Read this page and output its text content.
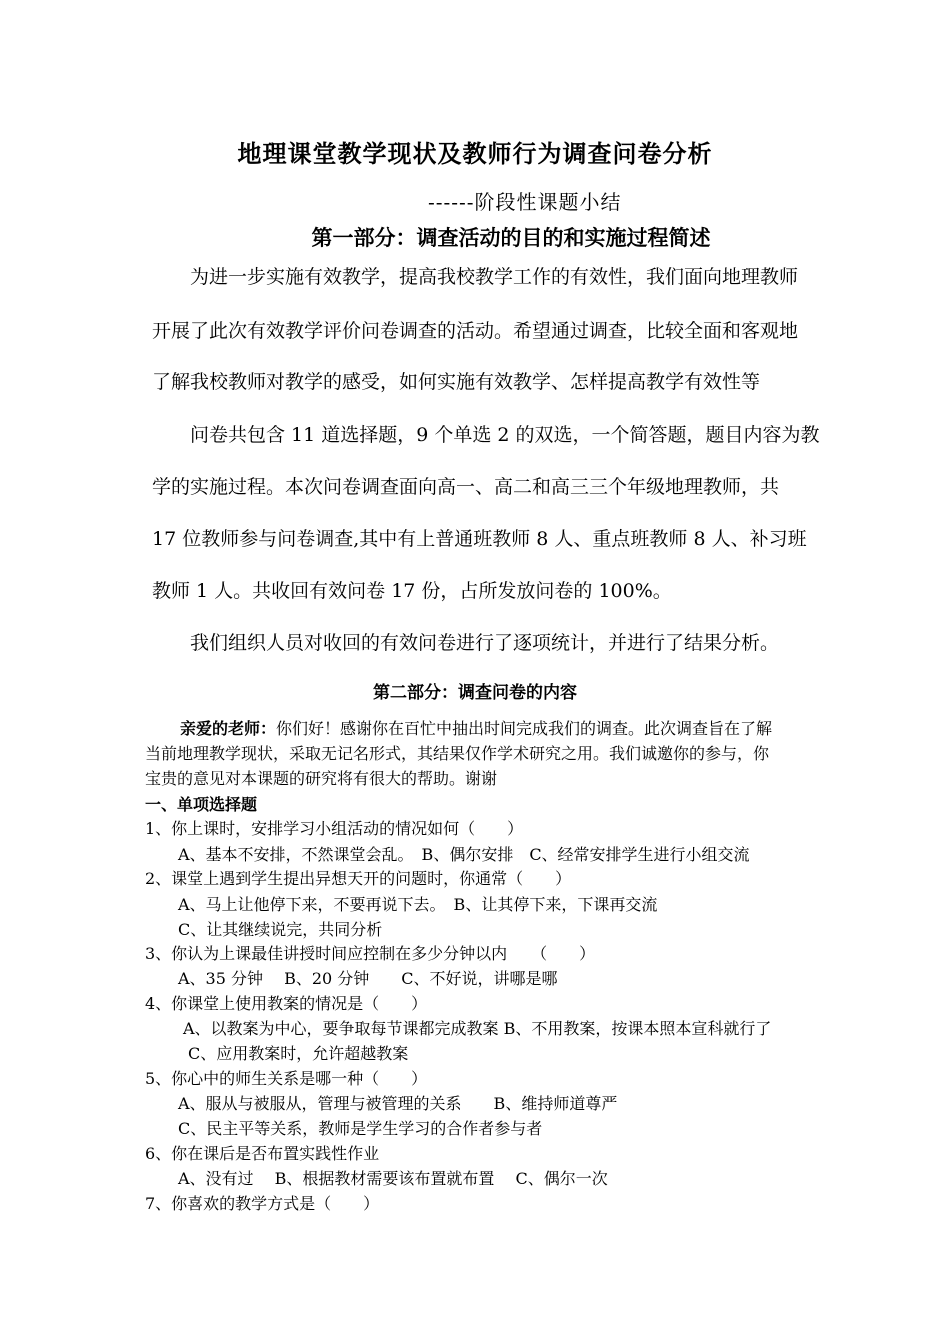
地理课堂教学现状及教师行为调查问卷分析
------阶段性课题小结
第一部分：调查活动的目的和实施过程简述
为进一步实施有效教学，提高我校教学工作的有效性，我们面向地理教师
开展了此次有效教学评价问卷调查的活动。希望通过调查，比较全面和客观地
了解我校教师对教学的感受，如何实施有效教学、怎样提高教学有效性等
问卷共包含 11 道选择题，9 个单选 2 的双选，一个简答题，题目内容为教
学的实施过程。本次问卷调查面向高一、高二和高三三个年级地理教师，共
17 位教师参与问卷调查,其中有上普通班教师 8 人、重点班教师 8 人、补习班
教师 1 人。共收回有效问卷 17 份，占所发放问卷的 100%。
我们组织人员对收回的有效问卷进行了逐项统计，并进行了结果分析。
第二部分：调查问卷的内容
亲爱的老师：你们好！感谢你在百忙中抽出时间完成我们的调查。此次调查旨在了解
当前地理教学现状，采取无记名形式，其结果仅作学术研究之用。我们诚邀你的参与，你
宝贵的意见对本课题的研究将有很大的帮助。谢谢
一、单项选择题
1、你上课时，安排学习小组活动的情况如何（　　）
A、基本不安排，不然课堂会乱。　B、偶尔安排　C、经常安排学生进行小组交流
2、课堂上遇到学生提出异想天开的问题时，你通常（　　）
A、马上让他停下来，不要再说下去。　B、让其停下来，下课再交流
C、让其继续说完，共同分析
3、你认为上课最佳讲授时间应控制在多少分钟以内　　（　　）
A、35 分钟　 B、20 分钟　　C、不好说，讲哪是哪
4、你课堂上使用教案的情况是（　　）
A、以教案为中心，要争取每节课都完成教案 B、不用教案，按课本照本宣科就行了
C、应用教案时，允许超越教案
5、你心中的师生关系是哪一种（　　）
A、服从与被服从，管理与被管理的关系　　B、维持师道尊严
C、民主平等关系，教师是学生学习的合作者参与者
6、你在课后是否布置实践性作业
A、没有过　 B、根据教材需要该布置就布置　 C、偶尔一次
7、你喜欢的教学方式是（　　）
